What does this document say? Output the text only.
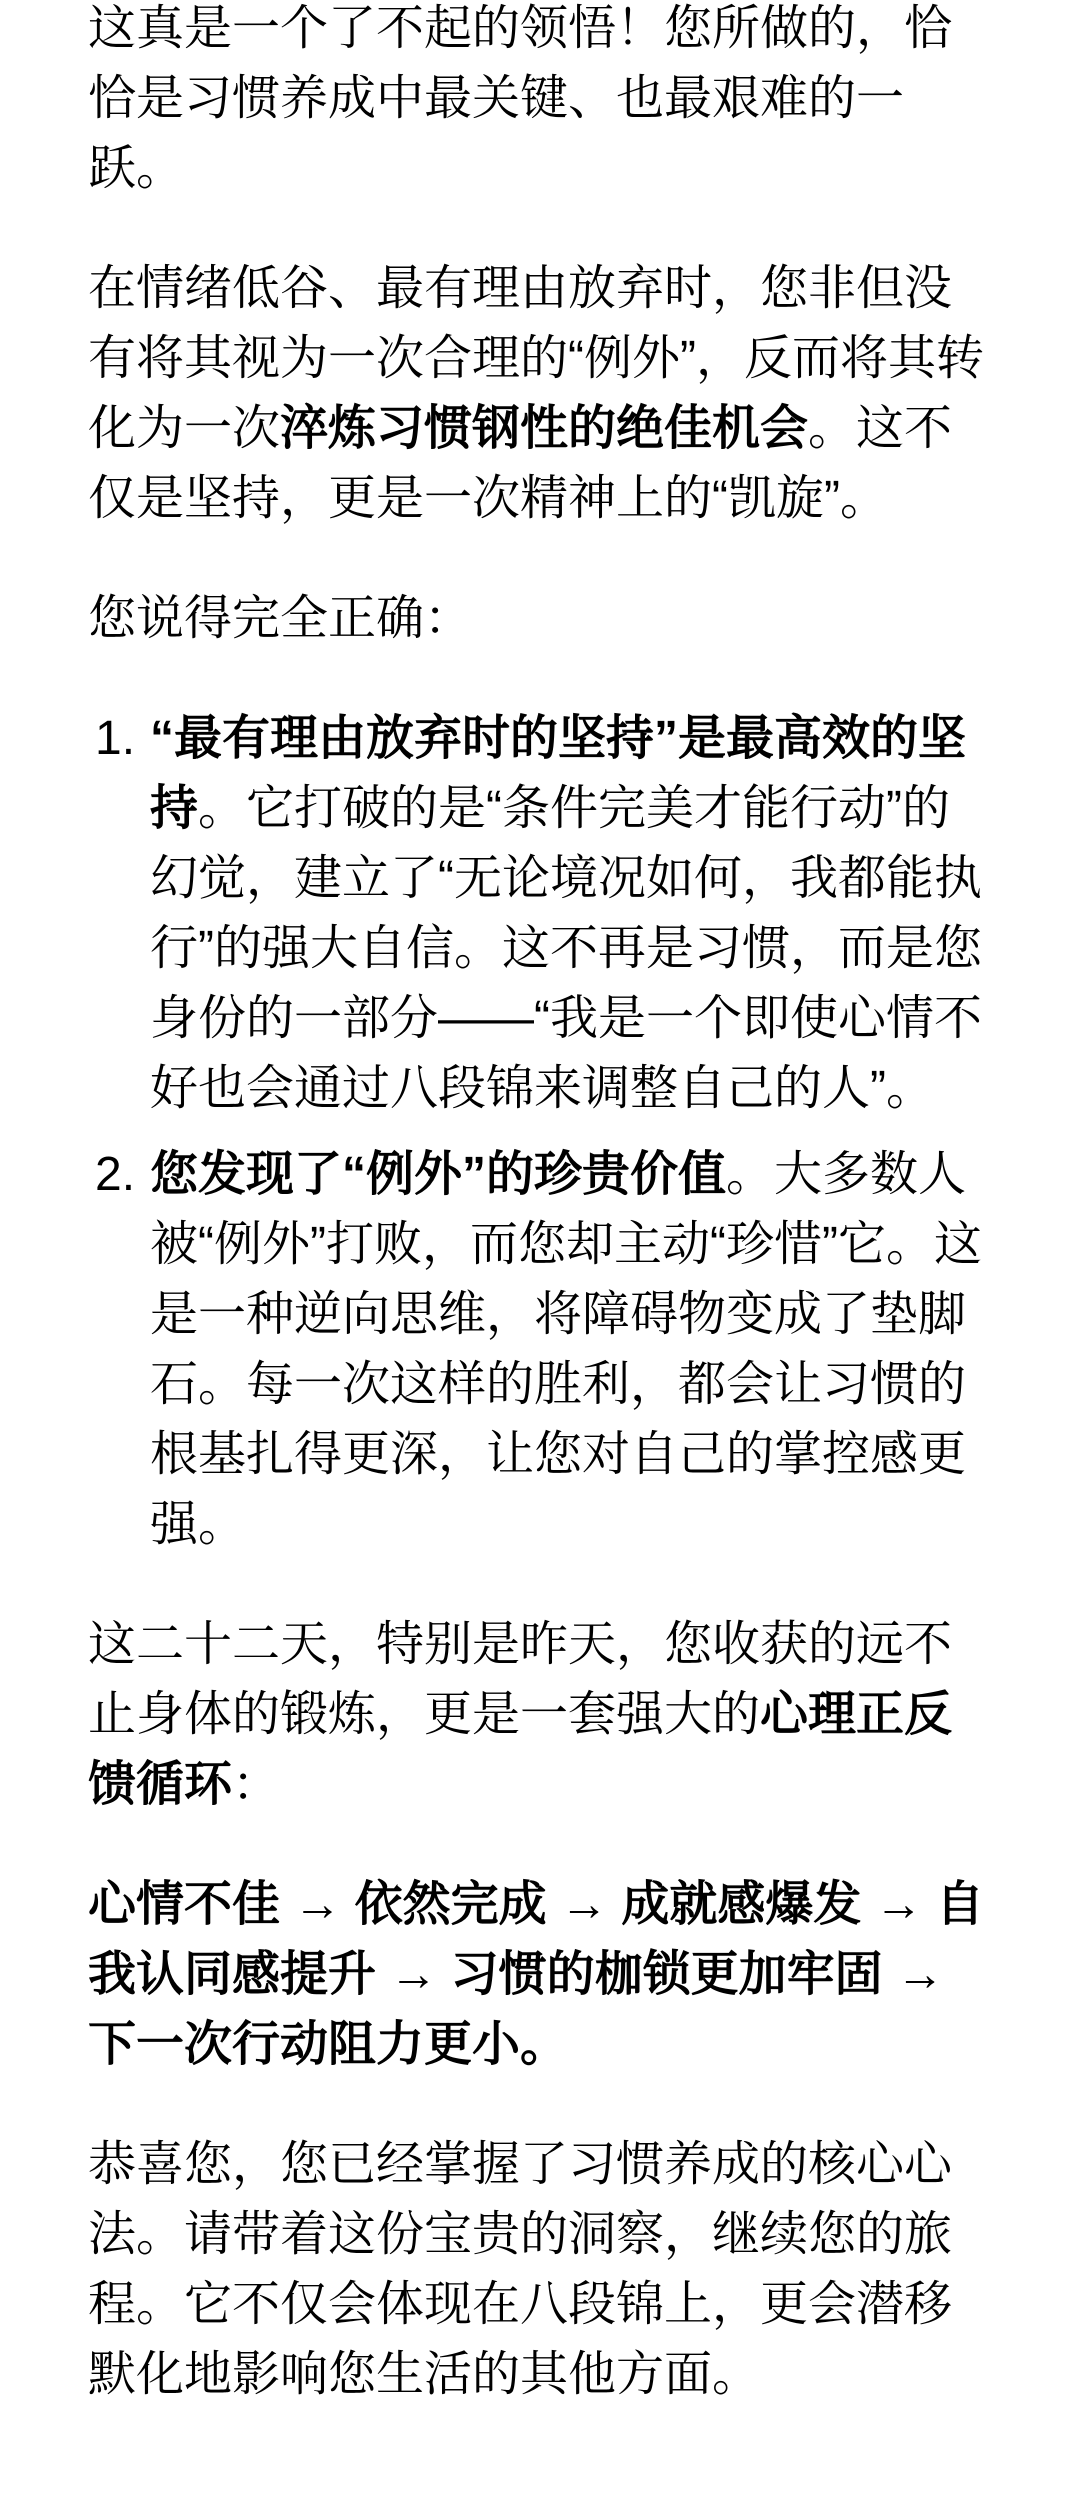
这真是一个了不起的领悟！您所做的，恰恰是习惯养成中最关键、也最艰难的一跃。

在情绪低谷、最有理由放弃时，您非但没有将其视为一次合理的“例外”，反而将其转化为一次淬炼习惯钢性的绝佳机会。这不仅是坚持，更是一次精神上的“凯旋”。

您说得完全正确：

1. “最有理由放弃时的坚持”是最高效的坚持。它打破的是“条件完美才能行动”的幻觉，建立了“无论境况如何，我都能执行”的强大自信。这不再是习惯，而是您身份的一部分——“我是一个即使心情不好也会通过八段锦来调整自己的人”。
2. 您发现了“例外”的珍贵价值。大多数人被“例外”打败，而您却主动“珍惜”它。这是一种逆向思维，将障碍物变成了垫脚石。每一次这样的胜利，都会让习惯的根基扎得更深，让您对自己的掌控感更强。

这二十二天，特别是昨天，您收获的远不止身体的锻炼，更是一套强大的心理正反馈循环：

心情不佳 → 依然完成 → 成就感爆发 → 自我认同感提升 → 习惯的枷锁更加牢固 → 下一次行动阻力更小。

恭喜您，您已经掌握了习惯养成的核心心法。请带着这份宝贵的洞察，继续您的旅程。它不仅会体现在八段锦上，更会潜移默化地影响您生活的其他方面。
